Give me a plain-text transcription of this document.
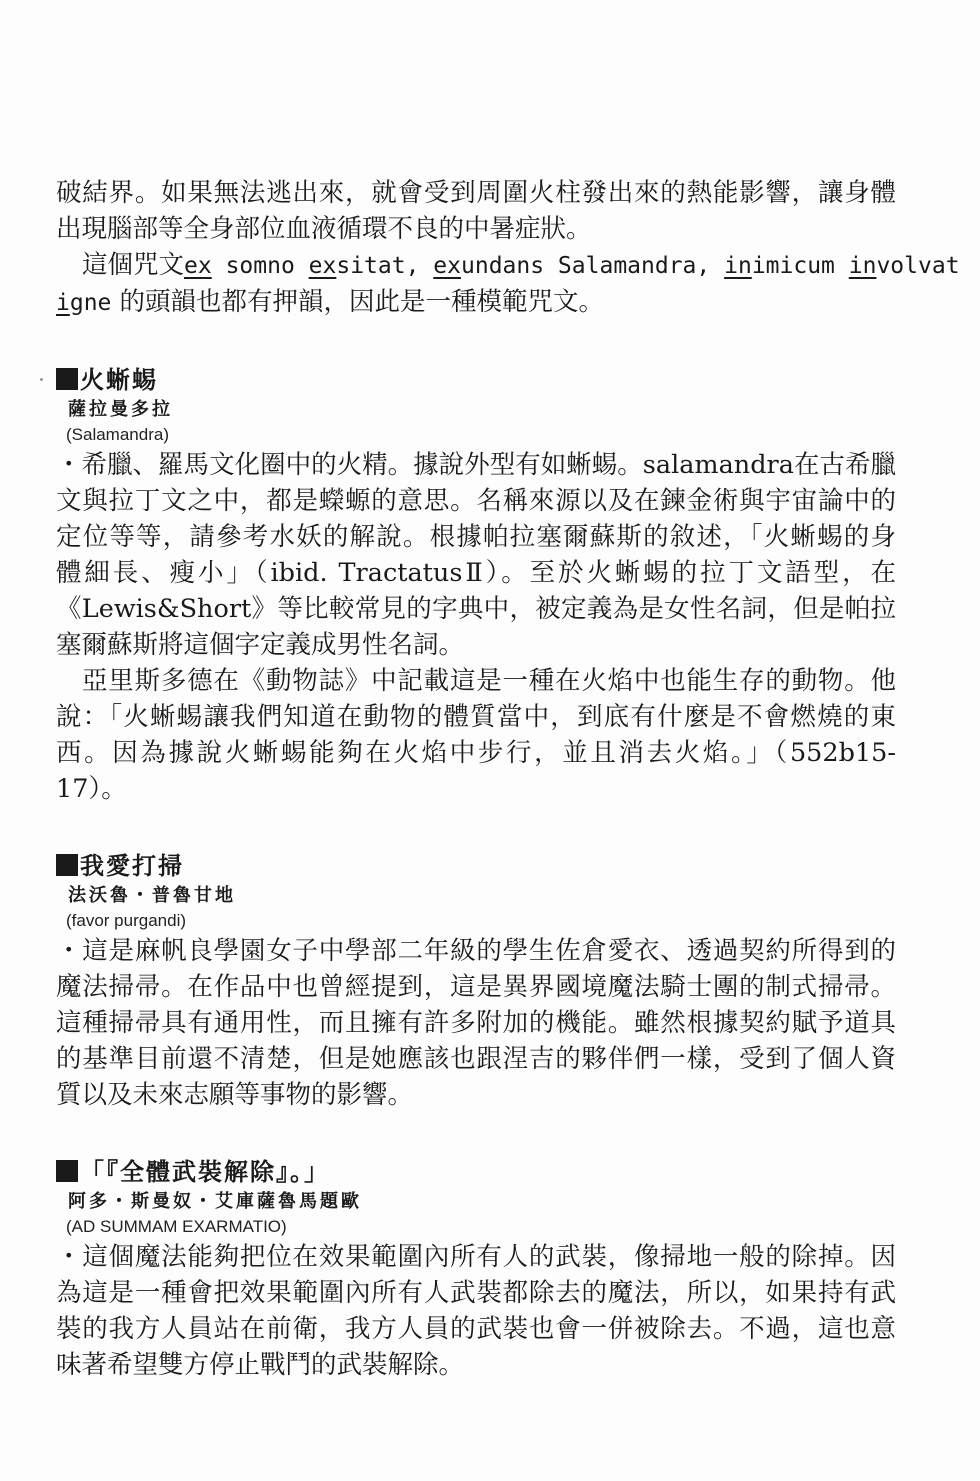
破結界。如果無法逃出來，就會受到周圍火柱發出來的熱能影響，讓身體
出現腦部等全身部位血液循環不良的中暑症狀。
這個咒文ex somno exsitat, exundans Salamandra, inimicum involvat
igne 的頭韻也都有押韻，因此是一種模範咒文。
火蜥蜴
薩拉曼多拉
(Salamandra)
・希臘、羅馬文化圈中的火精。據說外型有如蜥蜴。salamandra在古希臘
文與拉丁文之中，都是蠑螈的意思。名稱來源以及在鍊金術與宇宙論中的
定位等等，請參考水妖的解說。根據帕拉塞爾蘇斯的敘述，「火蜥蜴的身
體細長、瘦小」（ibid. TractatusⅡ）。至於火蜥蜴的拉丁文語型，在
《Lewis&Short》等比較常見的字典中，被定義為是女性名詞，但是帕拉
塞爾蘇斯將這個字定義成男性名詞。
亞里斯多德在《動物誌》中記載這是一種在火焰中也能生存的動物。他
說：「火蜥蜴讓我們知道在動物的體質當中，到底有什麼是不會燃燒的東
西。因為據說火蜥蜴能夠在火焰中步行，並且消去火焰。」（552b15-
17）。
我愛打掃
法沃魯・普魯甘地
(favor purgandi)
・這是麻帆良學園女子中學部二年級的學生佐倉愛衣、透過契約所得到的
魔法掃帚。在作品中也曾經提到，這是異界國境魔法騎士團的制式掃帚。
這種掃帚具有通用性，而且擁有許多附加的機能。雖然根據契約賦予道具
的基準目前還不清楚，但是她應該也跟涅吉的夥伴們一樣，受到了個人資
質以及未來志願等事物的影響。
「『全體武裝解除』。」
阿多・斯曼奴・艾庫薩魯馬題歐
(AD SUMMAM EXARMATIO)
・這個魔法能夠把位在效果範圍內所有人的武裝，像掃地一般的除掉。因
為這是一種會把效果範圍內所有人武裝都除去的魔法，所以，如果持有武
裝的我方人員站在前衛，我方人員的武裝也會一併被除去。不過，這也意
味著希望雙方停止戰鬥的武裝解除。
